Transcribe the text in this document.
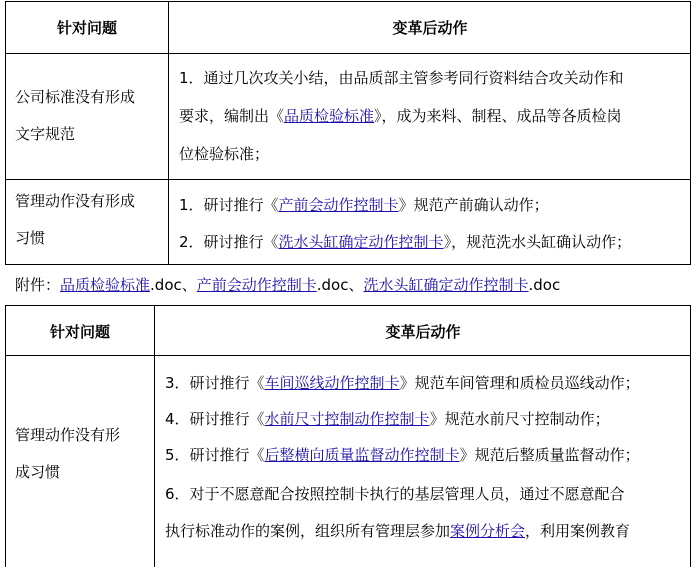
针对问题	变革后动作
公司标准没有形成
文字规范
1．通过几次攻关小结，由品质部主管参考同行资料结合攻关动作和
要求，编制出《品质检验标准》，成为来料、制程、成品等各质检岗
位检验标准；
管理动作没有形成
习惯
1．研讨推行《产前会动作控制卡》规范产前确认动作；
2．研讨推行《洗水头缸确定动作控制卡》，规范洗水头缸确认动作；
附件：品质检验标准.doc、产前会动作控制卡.doc、洗水头缸确定动作控制卡.doc
针对问题	变革后动作
管理动作没有形
成习惯
3．研讨推行《车间巡线动作控制卡》规范车间管理和质检员巡线动作；
4．研讨推行《水前尺寸控制动作控制卡》规范水前尺寸控制动作；
5．研讨推行《后整横向质量监督动作控制卡》规范后整质量监督动作；
6．对于不愿意配合按照控制卡执行的基层管理人员，通过不愿意配合
执行标准动作的案例，组织所有管理层参加案例分析会，利用案例教育
